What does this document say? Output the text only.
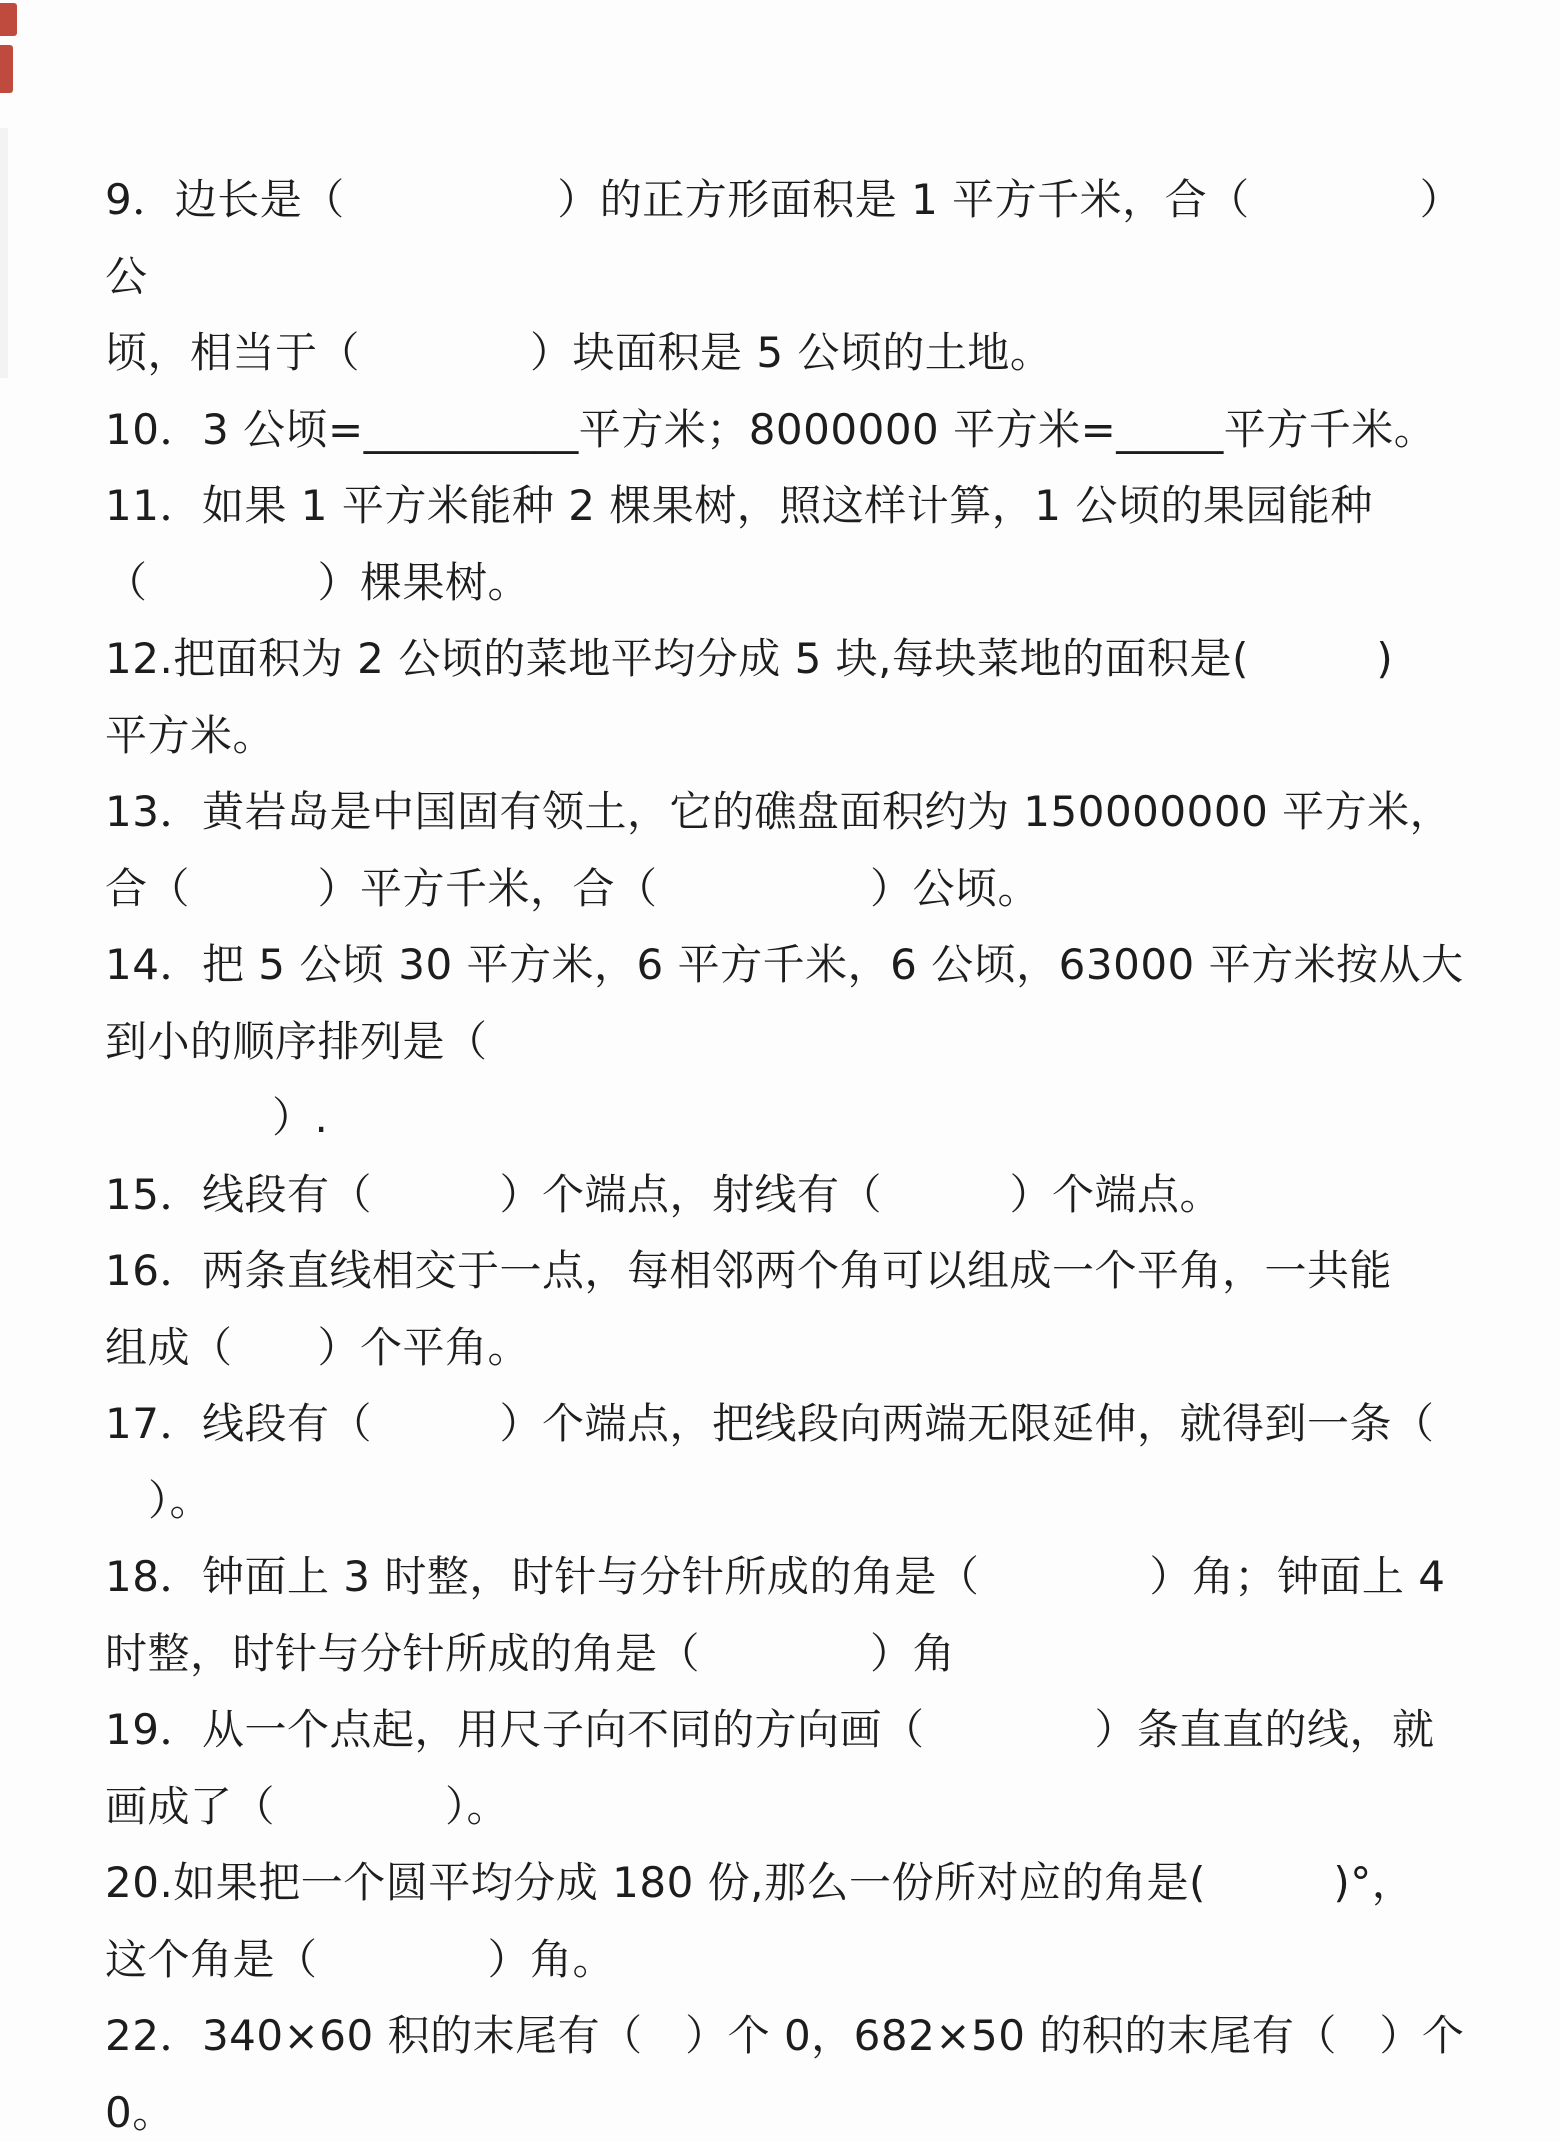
9．边长是（　　　　　）的正方形面积是 1 平方千米，合（　　　　）公
顷，相当于（　　　　）块面积是 5 公顷的土地。
10．3 公顷=__________平方米；8000000 平方米=_____平方千米。
11．如果 1 平方米能种 2 棵果树，照这样计算，1 公顷的果园能种
（　　　　）棵果树。
12.把面积为 2 公顷的菜地平均分成 5 块,每块菜地的面积是(　　　)
平方米。
13．黄岩岛是中国固有领土，它的礁盘面积约为 150000000 平方米，
合（　　　）平方千米，合（　　　　　）公顷。
14．把 5 公顷 30 平方米，6 平方千米，6 公顷，63000 平方米按从大
到小的顺序排列是（
）.
15．线段有（　　　）个端点，射线有（　　　）个端点。
16．两条直线相交于一点，每相邻两个角可以组成一个平角，一共能
组成（　　）个平角。
17．线段有（　　　）个端点，把线段向两端无限延伸，就得到一条（
）。
18．钟面上 3 时整，时针与分针所成的角是（　　　　）角；钟面上 4
时整，时针与分针所成的角是（　　　　）角
19．从一个点起，用尺子向不同的方向画（　　　　）条直直的线，就
画成了（　　　　）。
20.如果把一个圆平均分成 180 份,那么一份所对应的角是(　　　)°，
这个角是（　　　　）角。
22．340×60 积的末尾有（　）个 0，682×50 的积的末尾有（　）个 0。
